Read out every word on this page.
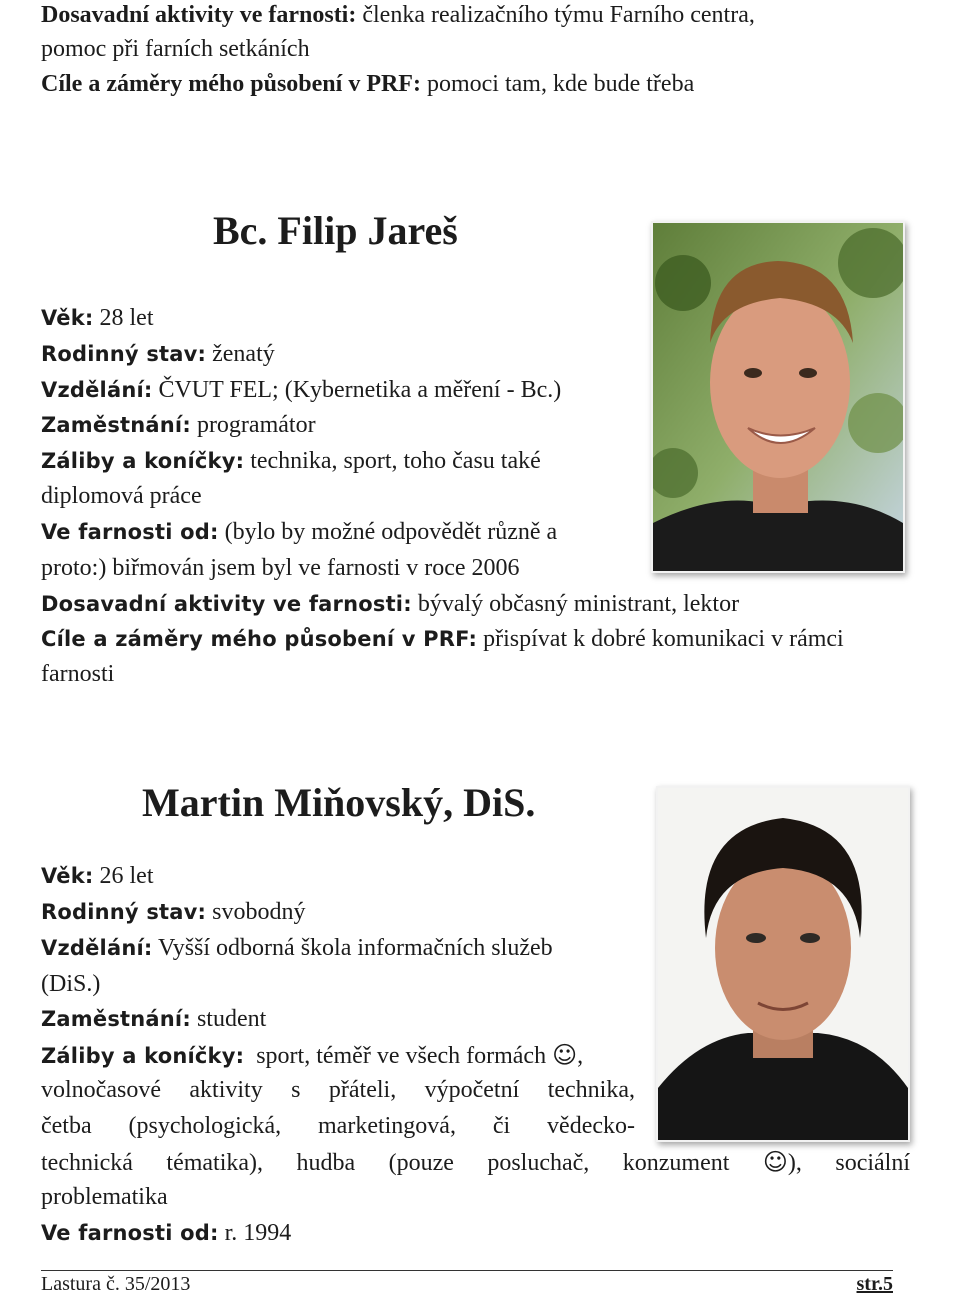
Dosavadní aktivity ve farnosti: členka realizačního týmu Farního centra,
pomoc při farních setkáních
Cíle a záměry mého působení v PRF: pomoci tam, kde bude třeba
Bc. Filip Jareš
Věk: 28 let
Rodinný stav: ženatý
Vzdělání: ČVUT FEL; (Kybernetika a měření - Bc.)
Zaměstnání: programátor
Záliby a koníčky: technika, sport, toho času také
diplomová práce
Ve farnosti od: (bylo by možné odpovědět různě a
proto:) biřmován jsem byl ve farnosti v roce 2006
Dosavadní aktivity ve farnosti: bývalý občasný ministrant, lektor
Cíle a záměry mého působení v PRF: přispívat k dobré komunikaci v rámci
farnosti
Martin Miňovský, DiS.
Věk: 26 let
Rodinný stav: svobodný
Vzdělání: Vyšší odborná škola informačních služeb
(DiS.)
Zaměstnání: student
Záliby a koníčky: sport, téměř ve všech formách ☺,
volnočasové aktivity s přáteli, výpočetní technika,
četba (psychologická, marketingová, či vědecko-
technická tématika), hudba (pouze posluchač, konzument ☺), sociální
problematika
Ve farnosti od: r. 1994
Lastura č. 35/2013	str.5
